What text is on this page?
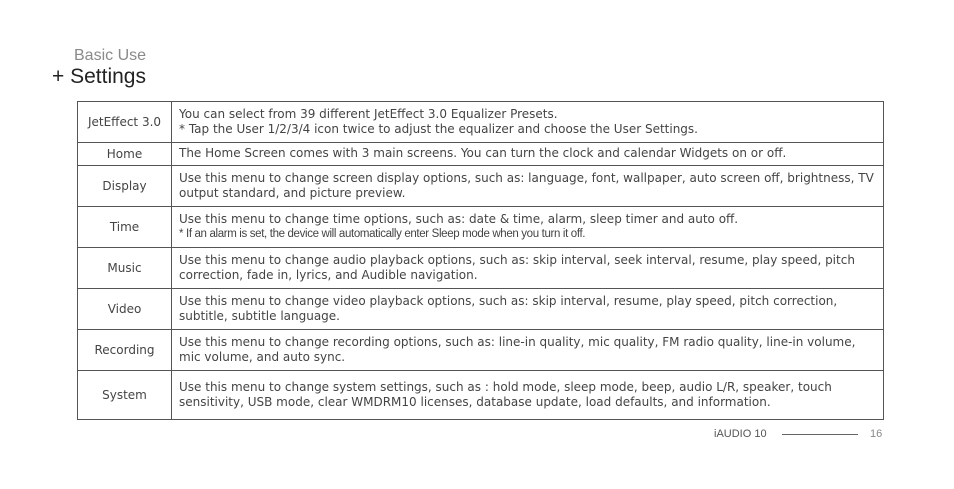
Basic Use
+ Settings
JetEffect 3.0	You can select from 39 different JetEffect 3.0 Equalizer Presets.
* Tap the User 1/2/3/4 icon twice to adjust the equalizer and choose the User Settings.

Home	The Home Screen comes with 3 main screens. You can turn the clock and calendar Widgets on or off.
Display	Use this menu to change screen display options, such as: language, font, wallpaper, auto screen off, brightness, TV output standard, and picture preview.
Time	Use this menu to change time options, such as: date & time, alarm, sleep timer and auto off.
* If an alarm is set, the device will automatically enter Sleep mode when you turn it off.

Music	Use this menu to change audio playback options, such as: skip interval, seek interval, resume, play speed, pitch correction, fade in, lyrics, and Audible navigation.
Video	Use this menu to change video playback options, such as: skip interval, resume, play speed, pitch correction, subtitle, subtitle language.
Recording	Use this menu to change recording options, such as: line-in quality, mic quality, FM radio quality, line-in volume, mic volume, and auto sync.
System	Use this menu to change system settings, such as : hold mode, sleep mode, beep, audio L/R, speaker, touch sensitivity, USB mode, clear WMDRM10 licenses, database update, load defaults, and information.
iAUDIO 10	16
